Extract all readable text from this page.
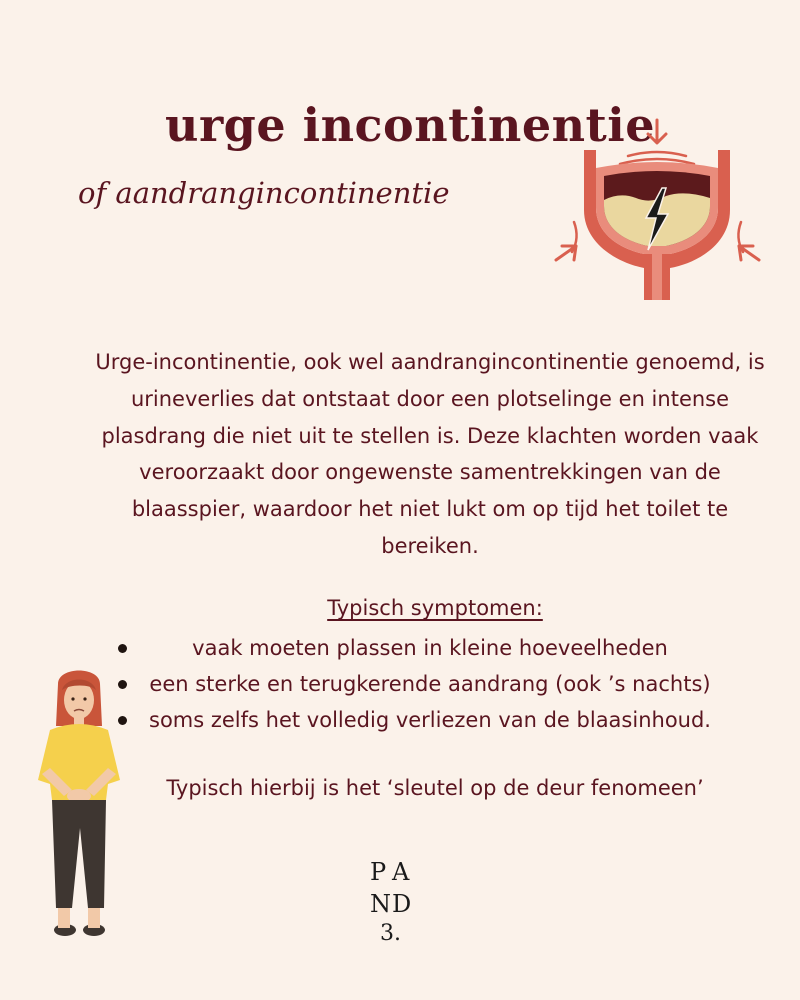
urge incontinentie
of aandrangincontinentie
Urge-incontinentie, ook wel aandrangincontinentie genoemd, is urineverlies dat ontstaat door een plotselinge en intense plasdrang die niet uit te stellen is. Deze klachten worden vaak veroorzaakt door ongewenste samentrekkingen van de blaasspier, waardoor het niet lukt om op tijd het toilet te bereiken.
Typisch symptomen:
vaak moeten plassen in kleine hoeveelheden
een sterke en terugkerende aandrang (ook ’s nachts)
soms zelfs het volledig verliezen van de blaasinhoud.
Typisch hierbij is het ‘sleutel op de deur fenomeen’
P A
N D
3.
